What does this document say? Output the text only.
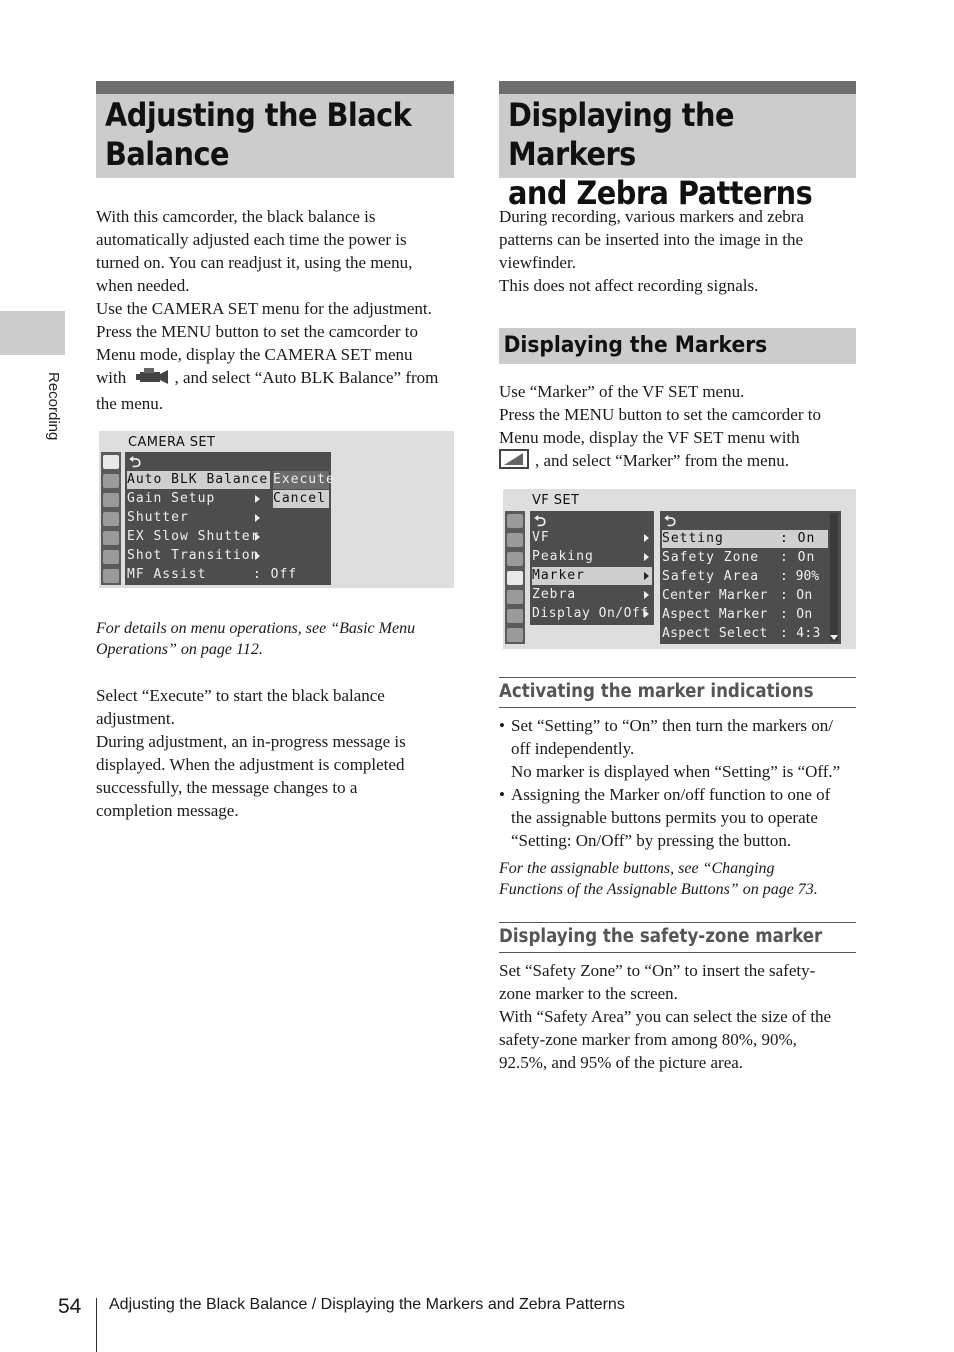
Recording
Adjusting the Black
Balance

With this camcorder, the black balance is

automatically adjusted each time the power is

turned on. You can readjust it, using the menu,

when needed.

Use the CAMERA SET menu for the adjustment.

Press the MENU button to set the camcorder to

Menu mode, display the CAMERA SET menu

with	, and select “Auto BLK Balance” from

the menu.

CAMERA SET
⮌
Auto BLK Balance
Gain Setup
Shutter
EX Slow Shutter
Shot Transition
MF Assist	: Off
Execute
Cancel

For details on menu operations, see “Basic Menu

Operations” on page 112.

Select “Execute” to start the black balance

adjustment.

During adjustment, an in-progress message is

displayed. When the adjustment is completed

successfully, the message changes to a

completion message.

Displaying the Markers
and Zebra Patterns

During recording, various markers and zebra

patterns can be inserted into the image in the

viewfinder.

This does not affect recording signals.

Displaying the Markers

Use “Marker” of the VF SET menu.

Press the MENU button to set the camcorder to

Menu mode, display the VF SET menu with

, and select “Marker” from the menu.

VF SET
⮌
VF
Peaking
Marker
Zebra
Display On/Off
⮌
Setting	: On
Safety Zone : On
Safety Area : 90%
Center Marker : On
Aspect Marker : On
Aspect Select : 4:3
Activating the marker indications
• Set “Setting” to “On” then turn the markers on/
off independently.
No marker is displayed when “Setting” is “Off.”
• Assigning the Marker on/off function to one of
the assignable buttons permits you to operate
“Setting: On/Off” by pressing the button.

For the assignable buttons, see “Changing

Functions of the Assignable Buttons” on page 73.

Displaying the safety-zone marker

Set “Safety Zone” to “On” to insert the safety-

zone marker to the screen.

With “Safety Area” you can select the size of the

safety-zone marker from among 80%, 90%,

92.5%, and 95% of the picture area.

54 Adjusting the Black Balance / Displaying the Markers and Zebra Patterns
